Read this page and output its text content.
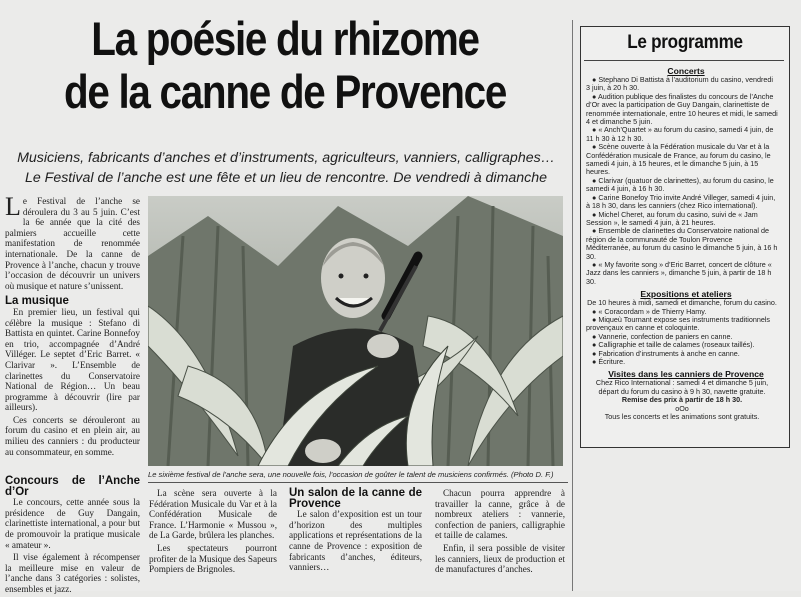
La poésie du rhizome
de la canne de Provence
Musiciens, fabricants d’anches et d’instruments, agriculteurs, vanniers, calligraphes…
Le Festival de l’anche est une fête et un lieu de rencontre. De vendredi à dimanche

L e Festival de l’anche se déroulera du 3 au 5 juin. C’est la 6e année que la cité des palmiers accueille cette manifestation de renommée internationale. De la canne de Provence à l’anche, chacun y trouve l’occasion de découvrir un univers où musique et nature s’unissent.

La musique

En premier lieu, un festival qui célèbre la musique : Stefano di Battista en quintet. Carine Bonnefoy en trio, accompagnée d’André Villéger. Le septet d’Eric Barret. « Clarivar ». L’Ensemble de clarinettes du Conservatoire National de Région… Un beau programme à découvrir (lire par ailleurs).

Ces concerts se dérouleront au forum du casino et en plein air, au milieu des canniers : du producteur au consommateur, en somme.

Concours de l’Anche d’Or

Le concours, cette année sous la présidence de Guy Dangain, clarinettiste international, a pour but de promouvoir la pratique musicale « amateur ».

Il vise également à récompenser la meilleure mise en valeur de l’anche dans 3 catégories : solistes, ensembles et jazz.

Le sixième festival de l’anche sera, une nouvelle fois, l’occasion de goûter le talent de musiciens confirmés. (Photo D. F.)

La scène sera ouverte à la Fédération Musicale du Var et à la Confédération Musicale de France. L’Harmonie « Mussou », de La Garde, brûlera les planches.

Les spectateurs pourront profiter de la Musique des Sapeurs Pompiers de Brignoles.

Un salon de la canne de Provence

Le salon d’exposition est un tour d’horizon des multiples applications et représentations de la canne de Provence : exposition de fabricants d’anches, éditeurs, vanniers…

Chacun pourra apprendre à travailler la canne, grâce à de nombreux ateliers : vannerie, confection de paniers, calligraphie et taille de calames.

Enfin, il sera possible de visiter les canniers, lieux de production et de manufactures d’anches.

Le programme
Concerts

● Stephano Di Battista à l’auditorium du casino, vendredi 3 juin, à 20 h 30.

● Audition publique des finalistes du concours de l’Anche d’Or avec la participation de Guy Dangain, clarinettiste de renommée internationale, entre 10 heures et midi, le samedi 4 et dimanche 5 juin.

● « Anch’Quartet » au forum du casino, samedi 4 juin, de 11 h 30 à 12 h 30.

● Scène ouverte à la Fédération musicale du Var et à la Confédération musicale de France, au forum du casino, le samedi 4 juin, à 15 heures, et le dimanche 5 juin, à 15 heures.

● Clarivar (quatuor de clarinettes), au forum du casino, le samedi 4 juin, à 16 h 30.

● Carine Bonefoy Trio invite André Villeger, samedi 4 juin, à 18 h 30, dans les canniers (chez Rico international).

● Michel Cheret, au forum du casino, suivi de « Jam Session », le samedi 4 juin, à 21 heures.

● Ensemble de clarinettes du Conservatoire national de région de la communauté de Toulon Provence Méditerranée, au forum du casino le dimanche 5 juin, à 16 h 30.

● « My favorite song » d’Eric Barret, concert de clôture « Jazz dans les canniers », dimanche 5 juin, à partir de 18 h 30.

Expositions et ateliers

De 10 heures à midi, samedi et dimanche, forum du casino.

● « Coracordam » de Thierry Hamy.

● Miqueù Tournant expose ses instruments traditionnels provençaux en canne et coloquinte.

● Vannerie, confection de paniers en canne.

● Calligraphie et taille de calames (roseaux taillés).

● Fabrication d’instruments à anche en canne.

● Écriture.

Visites dans les canniers de Provence

Chez Rico International : samedi 4 et dimanche 5 juin, départ du forum du casino à 9 h 30, navette gratuite.

Remise des prix à partir de 18 h 30.

oOo

Tous les concerts et les animations sont gratuits.
